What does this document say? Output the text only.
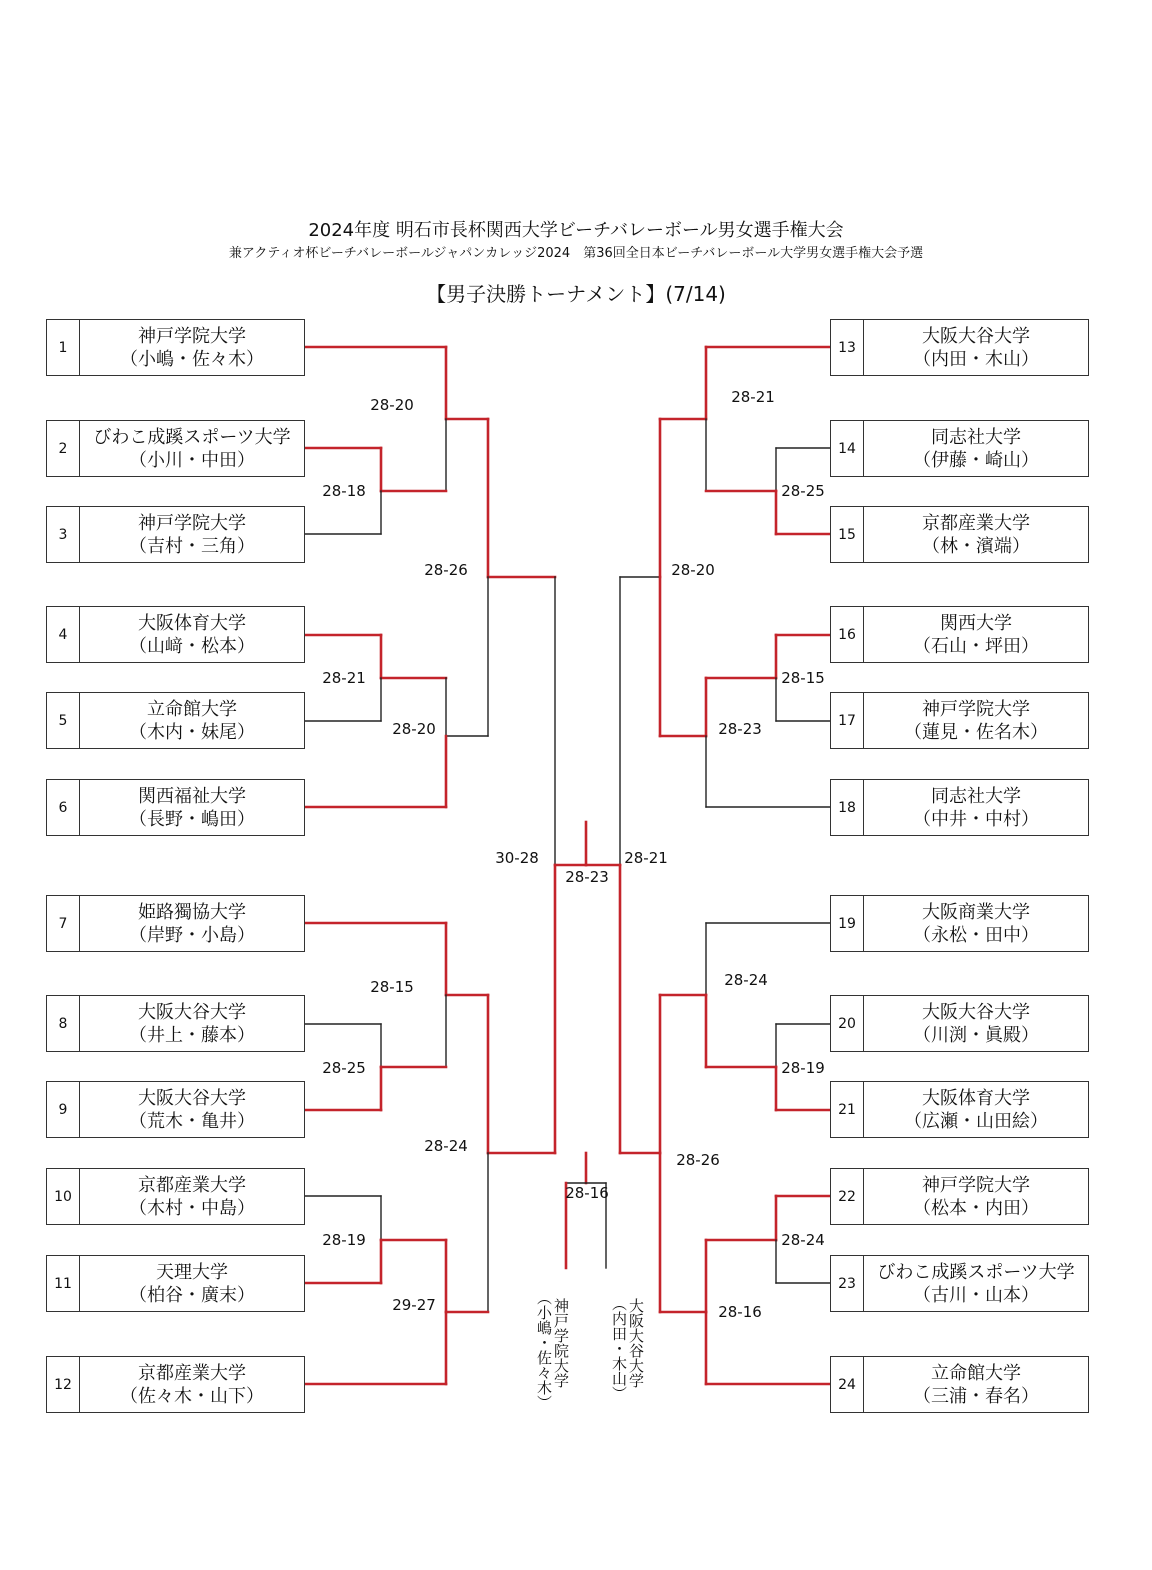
2024年度 明石市長杯関西大学ビーチバレーボール男女選手権大会
兼アクティオ杯ビーチバレーボールジャパンカレッジ2024　第36回全日本ビーチバレーボール大学男女選手権大会予選
【男子決勝トーナメント】(7/14)
1
神戸学院大学
（小嶋・佐々木）
2
びわこ成蹊スポーツ大学
（小川・中田）
3
神戸学院大学
（吉村・三角）
4
大阪体育大学
（山﨑・松本）
5
立命館大学
（木内・妹尾）
6
関西福祉大学
（長野・嶋田）
7
姫路獨協大学
（岸野・小島）
8
大阪大谷大学
（井上・藤本）
9
大阪大谷大学
（荒木・亀井）
10
京都産業大学
（木村・中島）
11
天理大学
（柏谷・廣末）
12
京都産業大学
（佐々木・山下）
13
大阪大谷大学
（内田・木山）
14
同志社大学
（伊藤・崎山）
15
京都産業大学
（林・濱端）
16
関西大学
（石山・坪田）
17
神戸学院大学
（蓮見・佐名木）
18
同志社大学
（中井・中村）
19
大阪商業大学
（永松・田中）
20
大阪大谷大学
（川渕・眞殿）
21
大阪体育大学
（広瀬・山田絵）
22
神戸学院大学
（松本・内田）
23
びわこ成蹊スポーツ大学
（古川・山本）
24
立命館大学
（三浦・春名）
28-20
28-18
28-26
28-21
28-20
30-28
28-15
28-25
28-24
28-19
29-27
28-21
28-25
28-20
28-15
28-23
28-21
28-24
28-19
28-26
28-24
28-16
28-23
28-16
神戸学院大学
（小嶋・佐々木）	大阪大谷大学
（内田・木山）
